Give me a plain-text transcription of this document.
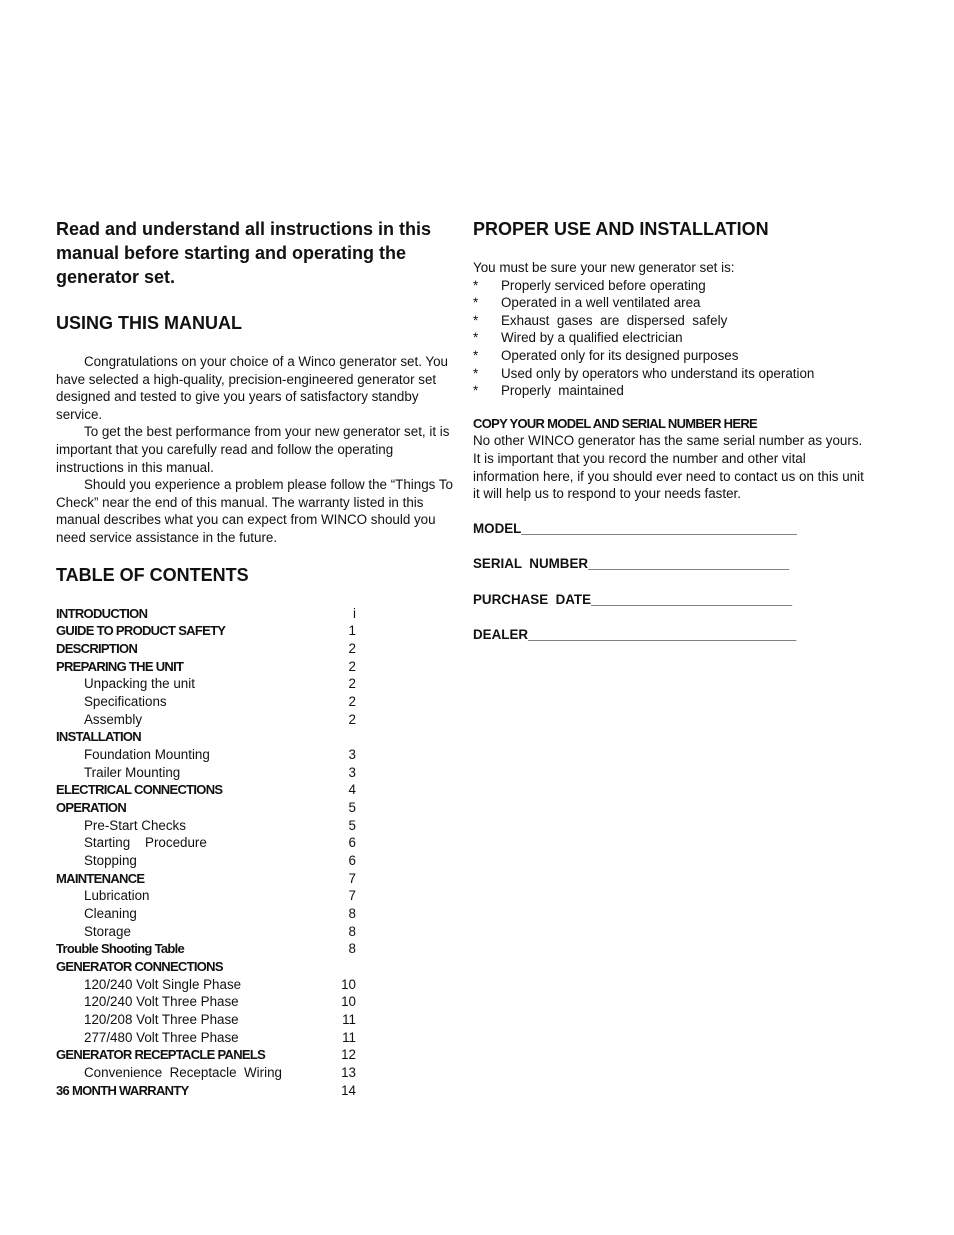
Read and understand all instructions in this
manual before starting and operating the
generator set.
USING THIS MANUAL

Congratulations on your choice of a Winco generator set. You have selected a high-quality, precision-engineered generator set designed and tested to give you years of satisfactory standby service.

To get the best performance from your new generator set, it is important that you carefully read and follow the operating instructions in this manual.

Should you experience a problem please follow the “Things To Check” near the end of this manual. The warranty listed in this manual describes what you can expect from WINCO should you need service assistance in the future.

TABLE OF CONTENTS
INTRODUCTION	i
GUIDE TO PRODUCT SAFETY	1
DESCRIPTION	2
PREPARING THE UNIT	2
Unpacking the unit	2
Specifications	2
Assembly	2
INSTALLATION
Foundation Mounting	3
Trailer Mounting	3
ELECTRICAL CONNECTIONS	4
OPERATION	5
Pre-Start Checks	5
Starting    Procedure	6
Stopping	6
MAINTENANCE	7
Lubrication	7
Cleaning	8
Storage	8
Trouble Shooting Table	8
GENERATOR CONNECTIONS
120/240 Volt Single Phase	10
120/240 Volt Three Phase	10
120/208 Volt Three Phase	11
277/480 Volt Three Phase	11
GENERATOR RECEPTACLE PANELS	12
Convenience  Receptacle  Wiring	13
36 MONTH WARRANTY	14
PROPER USE AND INSTALLATION
You must be sure your new generator set is:
*	Properly serviced before operating
*	Operated in a well ventilated area
*	Exhaust  gases  are  dispersed  safely
*	Wired by a qualified electrician
*	Operated only for its designed purposes
*	Used only by operators who understand its operation
*	Properly  maintained
COPY YOUR MODEL AND SERIAL NUMBER HERE
No other WINCO generator has the same serial number as yours. It is important that you record the number and other vital information here, if you should ever need to contact us on this unit it will help us to respond to your needs faster.
MODEL_____________________________________
SERIAL  NUMBER___________________________
PURCHASE  DATE___________________________
DEALER____________________________________
